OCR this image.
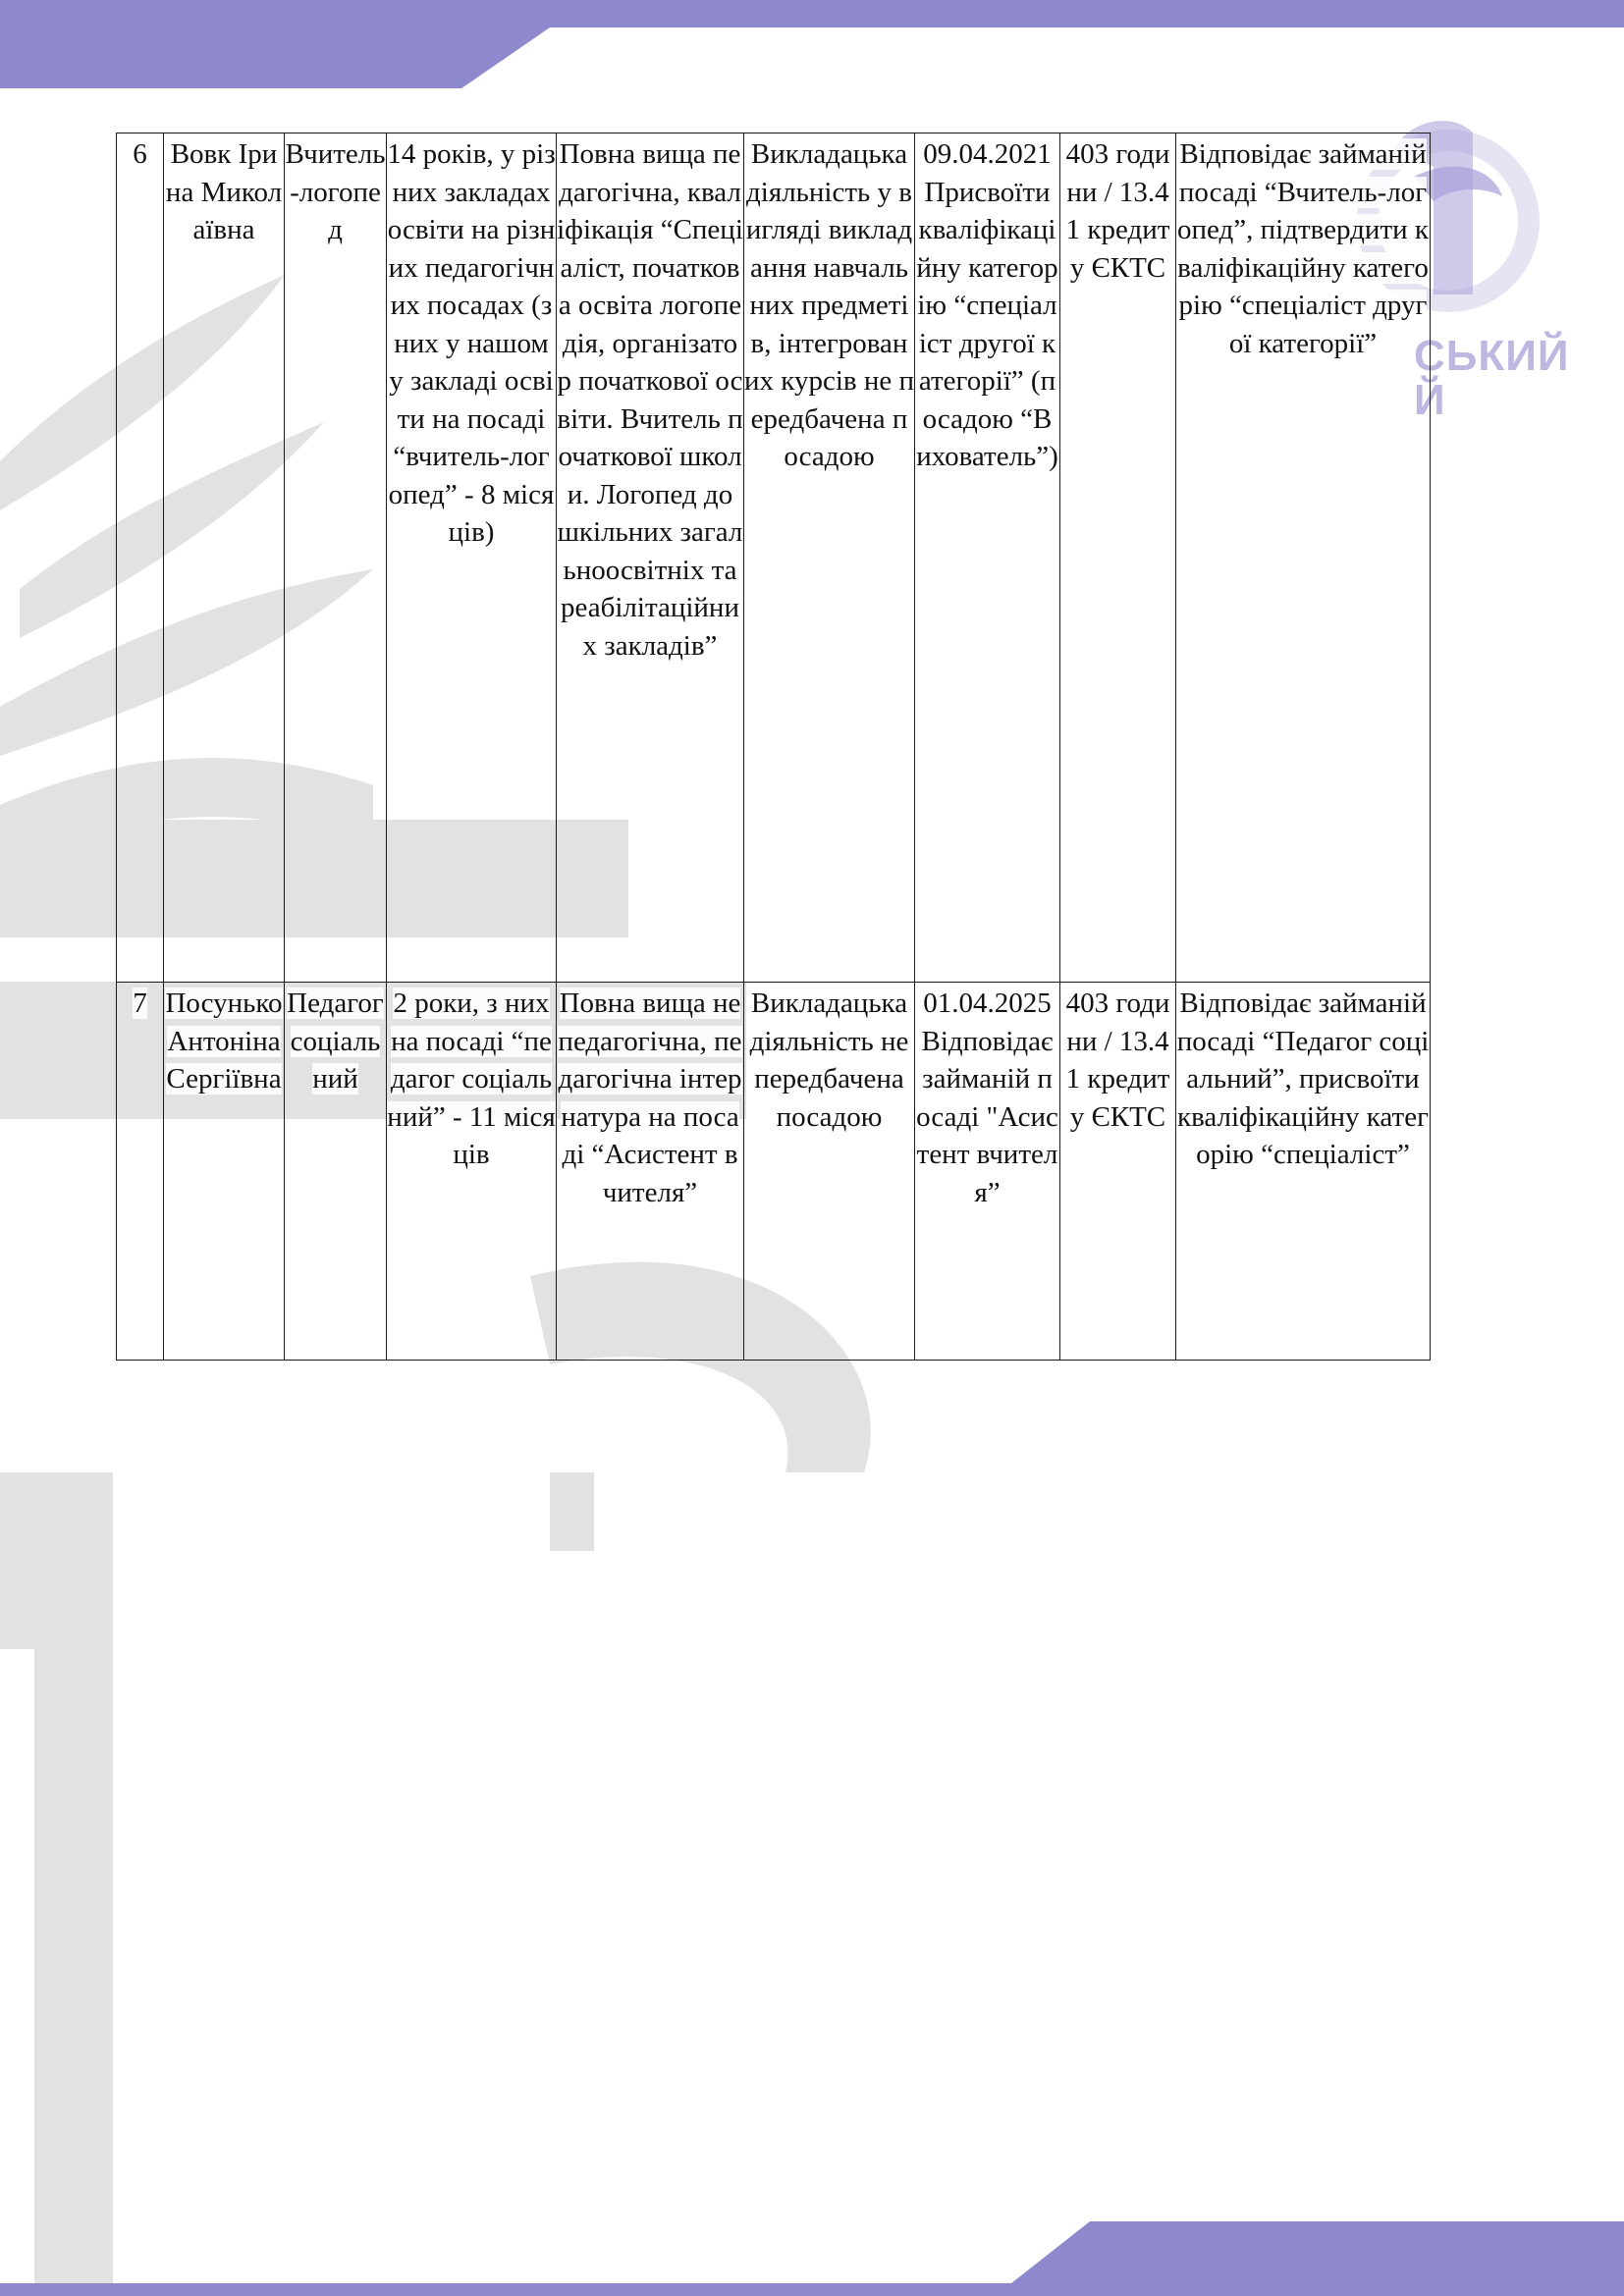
СЬКИЙ
Й
6	Вовк Ірина Миколаївна	Вчитель-логопед	14 років, у різних закладах освіти на різних педагогічних посадах (з них у нашому закладі освіти на посаді “вчитель-логопед” - 8 місяців)	Повна вища педагогічна, кваліфікація “Спеціаліст, початкова освіта логопедія, організатор початкової освіти. Вчитель початкової школи. Логопед дошкільних загальноосвітніх та реабілітаційних закладів”	Викладацька діяльність у вигляді викладання навчальних предметів, інтегрованих курсів не передбачена посадою	09.04.2021 Присвоїти кваліфікаційну категорію “спеціаліст другої категорії” (посадою “Вихователь”)	403 години / 13.41 кредиту ЄКТС	Відповідає займаній посаді “Вчитель-логопед”, підтвердити кваліфікаційну категорію “спеціаліст другої категорії”
7	Посунько Антоніна Сергіївна	Педагог соціальний	2 роки, з них на посаді “педагог соціальний” - 11 місяців	Повна вища непедагогічна, педагогічна інтернатура на посаді “Асистент вчителя”	Викладацька діяльність не передбачена посадою	01.04.2025 Відповідає займаній посаді "Асистент вчителя”	403 години / 13.41 кредиту ЄКТС	Відповідає займаній посаді “Педагог соціальний”, присвоїти кваліфікаційну категорію “спеціаліст”
